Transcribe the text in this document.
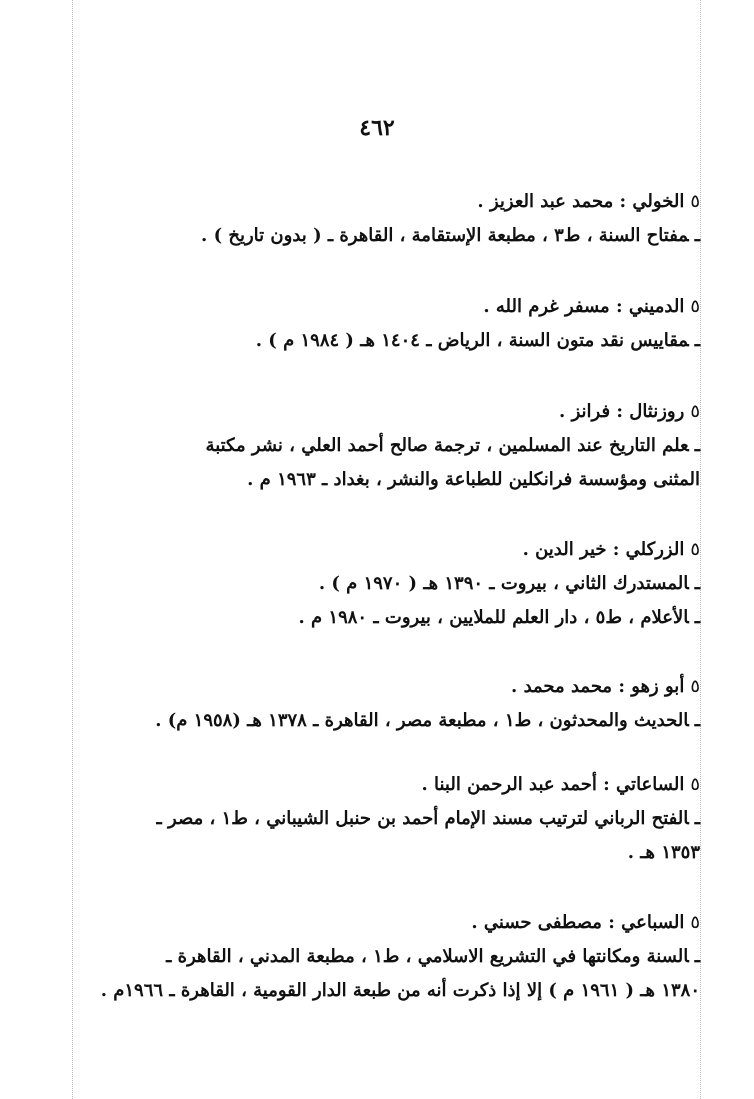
٤٦٢
٥الخولي : محمد عبد العزيز .
ـمفتاح السنة ، ط٣ ، مطبعة الإستقامة ، القاهرة ـ ( بدون تاريخ ) .
٥الدميني : مسفر غرم الله .
ـمقاييس نقد متون السنة ، الرياض ـ ١٤٠٤ هـ ( ١٩٨٤ م ) .
٥روزنثال : فرانز .
ـعلم التاريخ عند المسلمين ، ترجمة صالح أحمد العلي ، نشر مكتبة
المثنى ومؤسسة فرانكلين للطباعة والنشر ، بغداد ـ ١٩٦٣ م .
٥الزركلي : خير الدين .
ـالمستدرك الثاني ، بيروت ـ ١٣٩٠ هـ ( ١٩٧٠ م ) .
ـالأعلام ، ط٥ ، دار العلم للملايين ، بيروت ـ ١٩٨٠ م .
٥أبو زهو : محمد محمد .
ـالحديث والمحدثون ، ط١ ، مطبعة مصر ، القاهرة ـ ١٣٧٨ هـ (١٩٥٨ م) .
٥الساعاتي : أحمد عبد الرحمن البنا .
ـالفتح الرباني لترتيب مسند الإمام أحمد بن حنبل الشيباني ، ط١ ، مصر ـ
١٣٥٣ هـ .
٥السباعي : مصطفى حسني .
ـالسنة ومكانتها في التشريع الاسلامي ، ط١ ، مطبعة المدني ، القاهرة ـ
١٣٨٠ هـ ( ١٩٦١ م ) إلا إذا ذكرت أنه من طبعة الدار القومية ، القاهرة ـ ١٩٦٦م .
